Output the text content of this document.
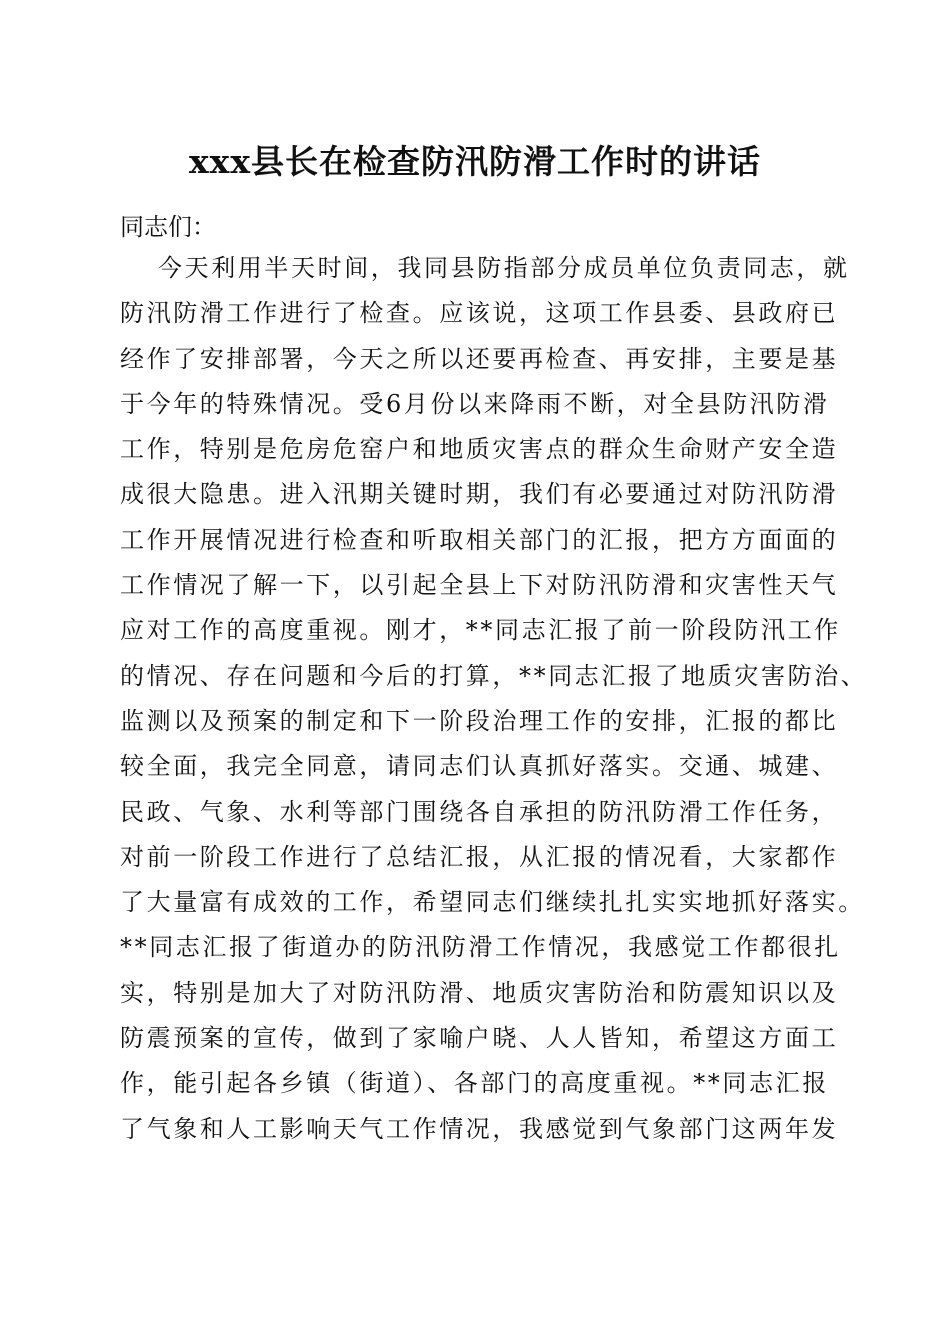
xxx县长在检查防汛防滑工作时的讲话
同志们：
今天利用半天时间，我同县防指部分成员单位负责同志，就
防汛防滑工作进行了检查。应该说，这项工作县委、县政府已
经作了安排部署，今天之所以还要再检查、再安排，主要是基
于今年的特殊情况。受6月份以来降雨不断，对全县防汛防滑
工作，特别是危房危窑户和地质灾害点的群众生命财产安全造
成很大隐患。进入汛期关键时期，我们有必要通过对防汛防滑
工作开展情况进行检查和听取相关部门的汇报，把方方面面的
工作情况了解一下，以引起全县上下对防汛防滑和灾害性天气
应对工作的高度重视。刚才，**同志汇报了前一阶段防汛工作
的情况、存在问题和今后的打算，**同志汇报了地质灾害防治、
监测以及预案的制定和下一阶段治理工作的安排，汇报的都比
较全面，我完全同意，请同志们认真抓好落实。交通、城建、
民政、气象、水利等部门围绕各自承担的防汛防滑工作任务，
对前一阶段工作进行了总结汇报，从汇报的情况看，大家都作
了大量富有成效的工作，希望同志们继续扎扎实实地抓好落实。
**同志汇报了街道办的防汛防滑工作情况，我感觉工作都很扎
实，特别是加大了对防汛防滑、地质灾害防治和防震知识以及
防震预案的宣传，做到了家喻户晓、人人皆知，希望这方面工
作，能引起各乡镇（街道）、各部门的高度重视。**同志汇报
了气象和人工影响天气工作情况，我感觉到气象部门这两年发
